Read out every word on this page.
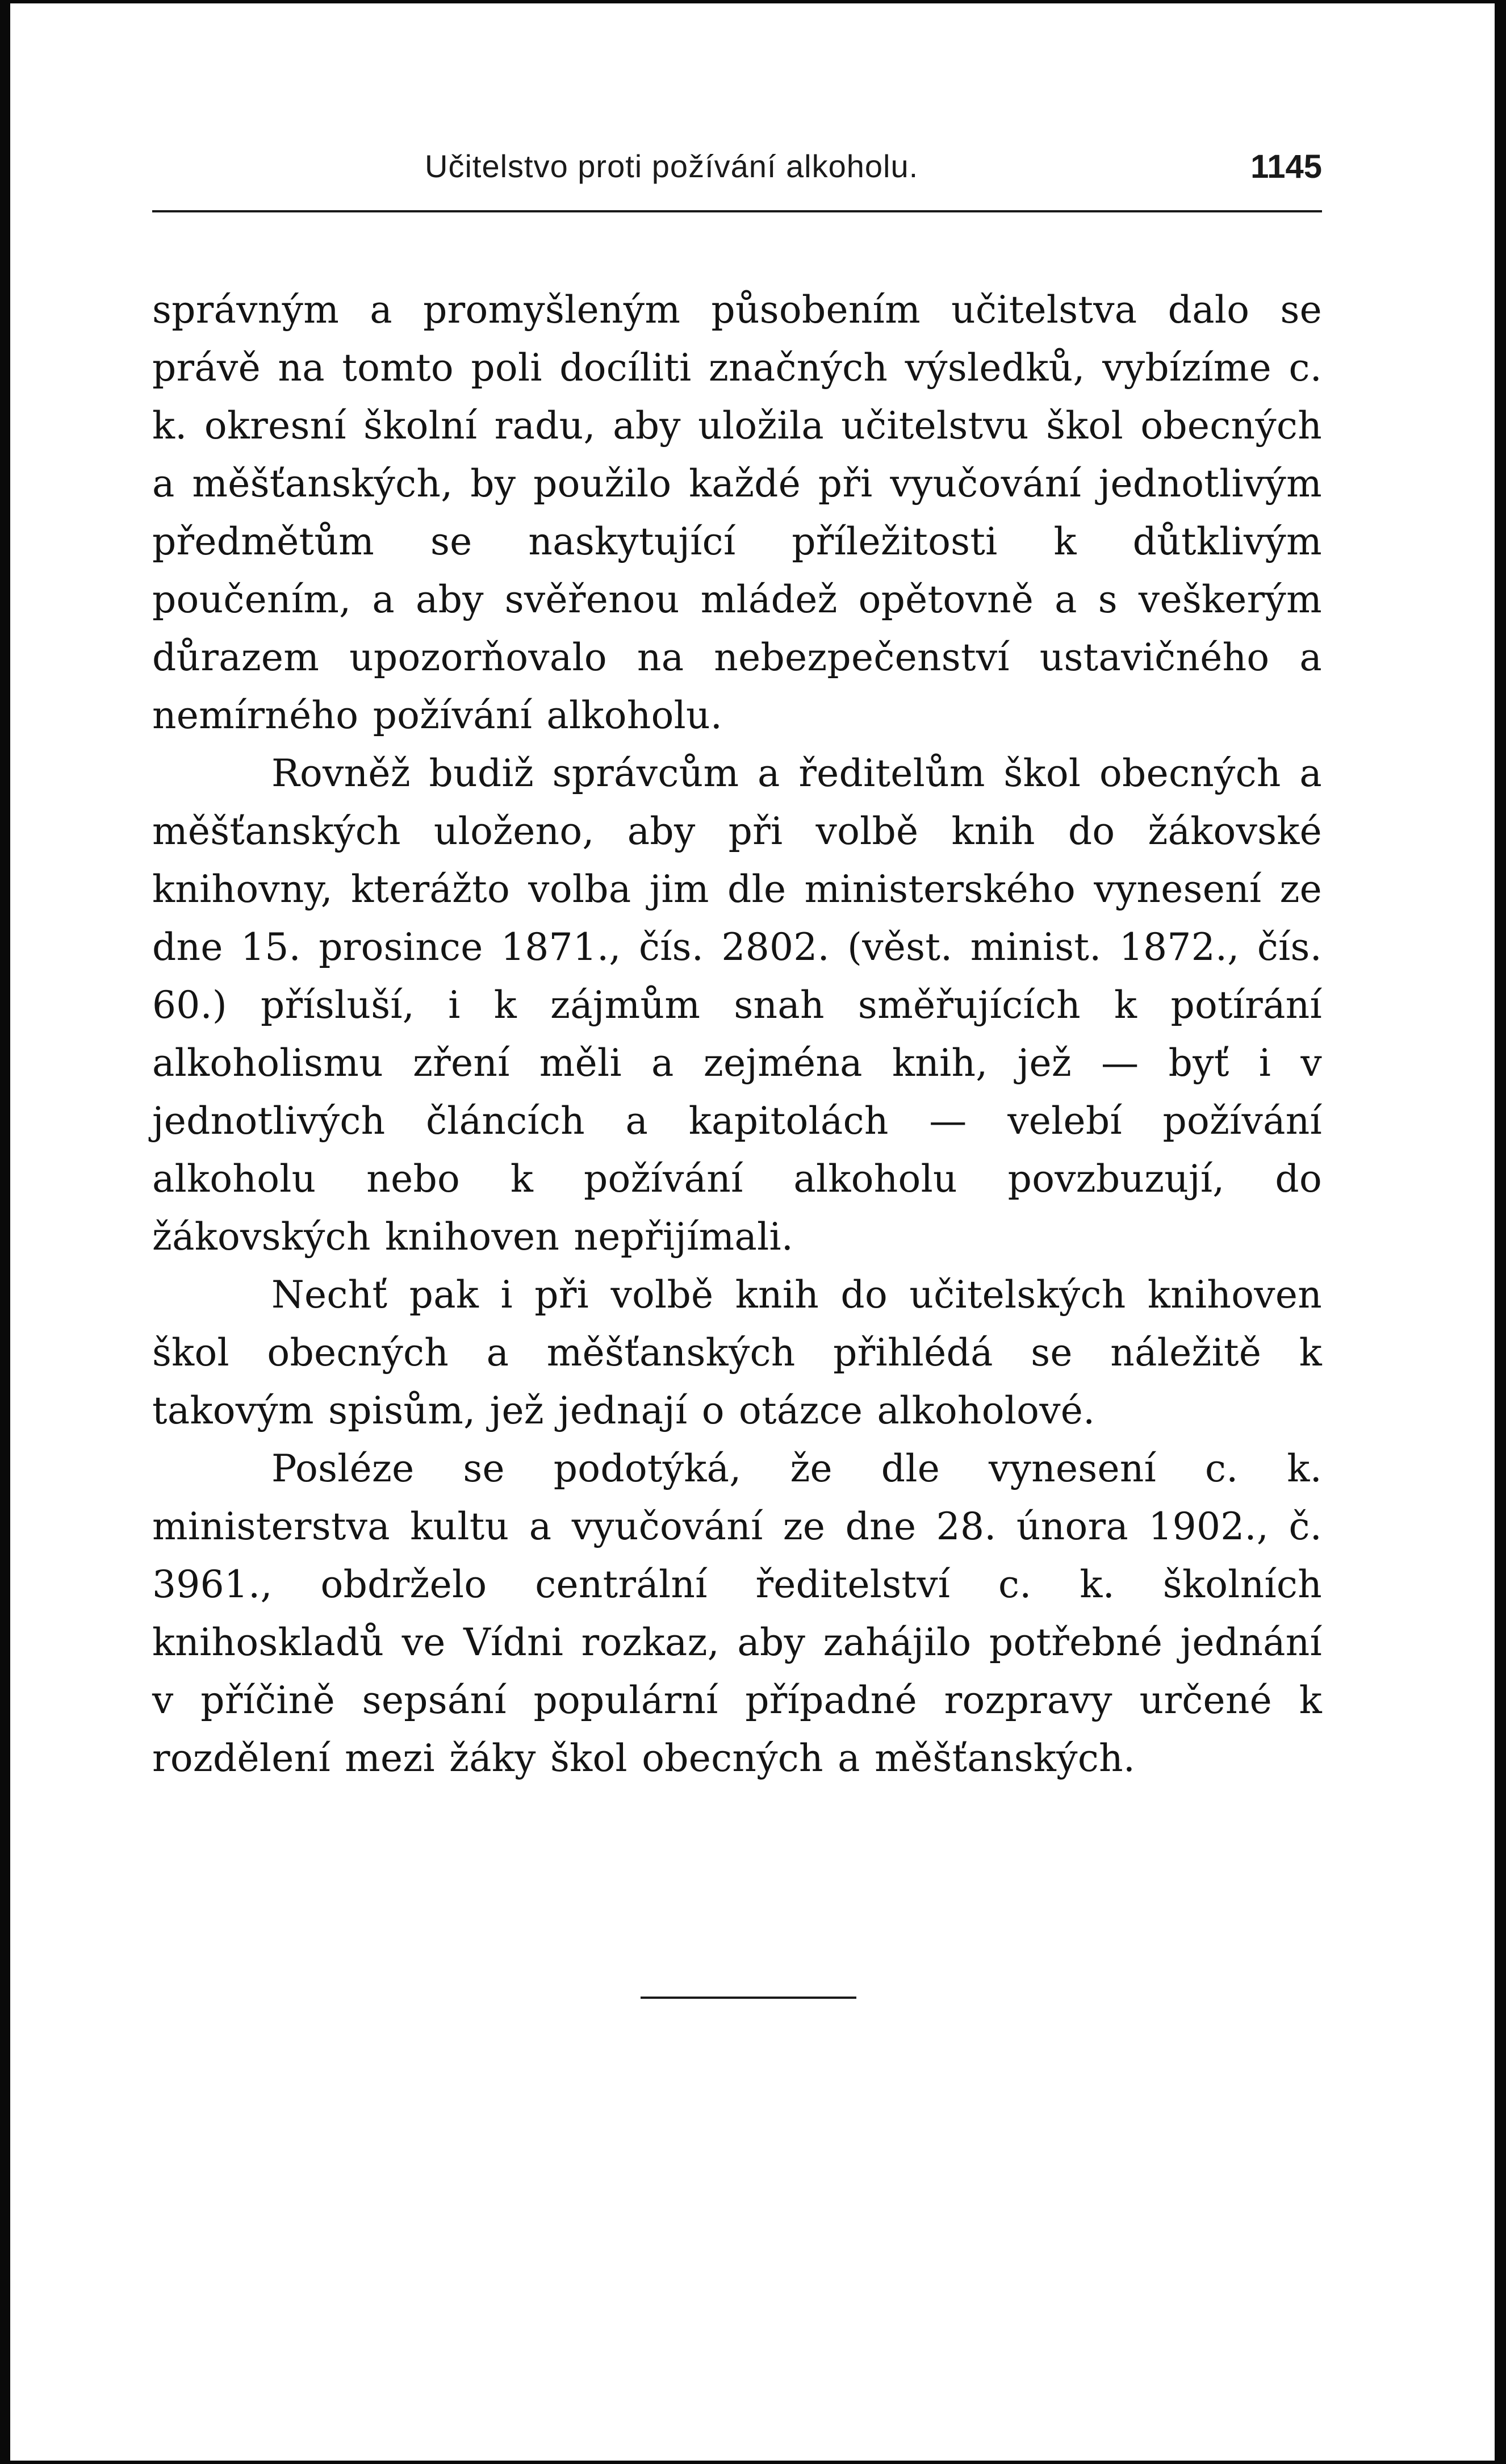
Učitelstvo proti požívání alkoholu.	1145

správným a promyšleným působením učitelstva dalo se právě na tomto poli docíliti značných výsledků, vybízíme c. k. okresní školní radu, aby uložila učitelstvu škol obecných a měšťanských, by použilo každé při vyučování jednotlivým předmětům se naskytující příležitosti k důtklivým poučením, a aby svěřenou mládež opětovně a s veškerým důrazem upozorňovalo na nebezpečenství ustavičného a nemírného požívání alkoholu.

Rovněž budiž správcům a ředitelům škol obecných a měšťanských uloženo, aby při volbě knih do žákovské knihovny, kterážto volba jim dle ministerského vynesení ze dne 15. prosince 1871., čís. 2802. (věst. minist. 1872., čís. 60.) přísluší, i k zájmům snah směřujících k potírání alkoholismu zření měli a zejména knih, jež — byť i v jednotlivých článcích a kapitolách — velebí požívání alkoholu nebo k požívání alkoholu povzbuzují, do žákovských knihoven nepřijímali.

Nechť pak i při volbě knih do učitelských knihoven škol obecných a měšťanských přihlédá se náležitě k takovým spisům, jež jednají o otázce alkoholové.

Posléze se podotýká, že dle vynesení c. k. ministerstva kultu a vyučování ze dne 28. února 1902., č. 3961., obdrželo centrální ředitelství c. k. školních knihoskladů ve Vídni rozkaz, aby zahájilo potřebné jednání v příčině sepsání populární případné rozpravy určené k rozdělení mezi žáky škol obecných a měšťanských.
